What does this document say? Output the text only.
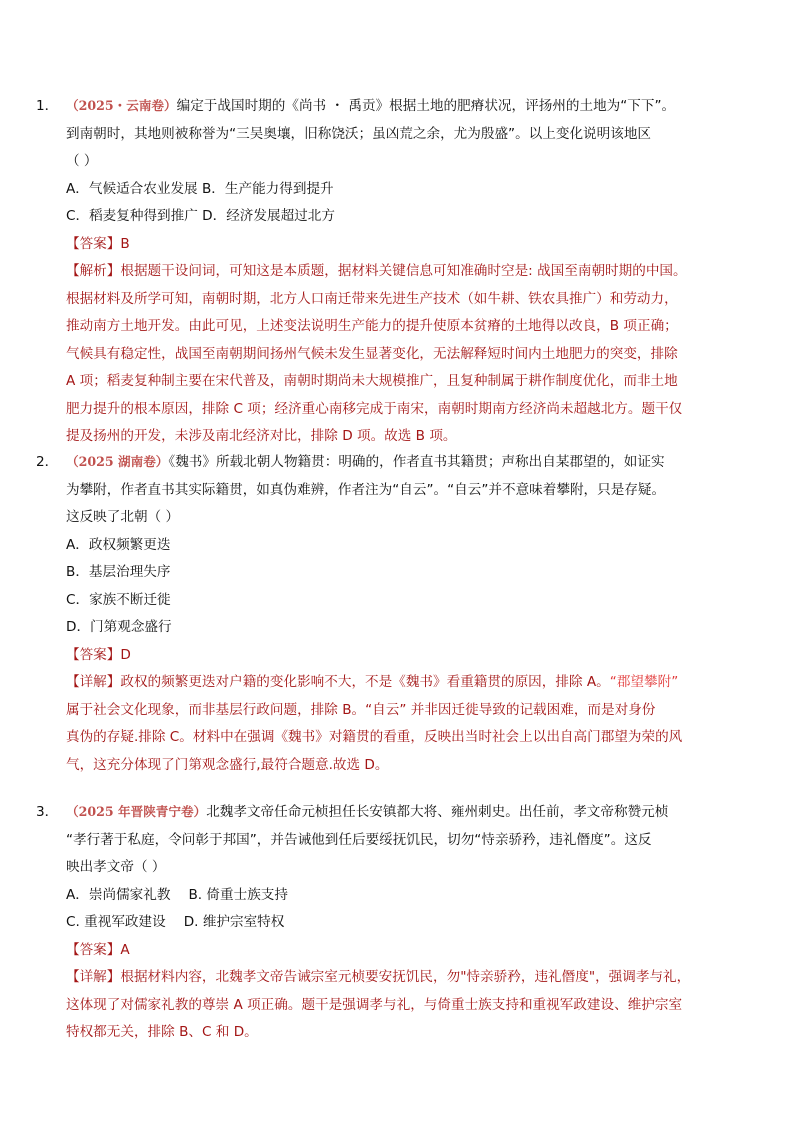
1． （2025・云南卷）编定于战国时期的《尚书 ・ 禹贡》根据土地的肥瘠状况，评扬州的土地为“下下”。
到南朝时，其地则被称誉为“三吴奥壤，旧称饶沃；虽凶荒之余，尤为殷盛”。以上变化说明该地区
（ ）
A．气候适合农业发展 B．生产能力得到提升
C．稻麦复种得到推广 D．经济发展超过北方
【答案】B
【解析】根据题干设问词，可知这是本质题，据材料关键信息可知准确时空是: 战国至南朝时期的中国。
根据材料及所学可知，南朝时期，北方人口南迁带来先进生产技术（如牛耕、铁农具推广）和劳动力，
推动南方土地开发。由此可见，上述变法说明生产能力的提升使原本贫瘠的土地得以改良，B 项正确；
气候具有稳定性，战国至南朝期间扬州气候未发生显著变化，无法解释短时间内土地肥力的突变，排除
A 项；稻麦复种制主要在宋代普及，南朝时期尚未大规模推广，且复种制属于耕作制度优化，而非土地
肥力提升的根本原因，排除 C 项；经济重心南移完成于南宋，南朝时期南方经济尚未超越北方。题干仅
提及扬州的开发，未涉及南北经济对比，排除 D 项。故选 B 项。
2． （2025 湖南卷）《魏书》所载北朝人物籍贯：明确的，作者直书其籍贯；声称出自某郡望的，如证实
为攀附，作者直书其实际籍贯，如真伪难辨，作者注为“自云”。“自云”并不意味着攀附，只是存疑。
这反映了北朝（ ）
A．政权频繁更迭
B．基层治理失序
C．家族不断迁徙
D．门第观念盛行
【答案】D
【详解】政权的频繁更迭对户籍的变化影响不大，不是《魏书》看重籍贯的原因，排除 A。“郡望攀附”
属于社会文化现象，而非基层行政问题，排除 B。“自云” 并非因迁徙导致的记载困难，而是对身份
真伪的存疑.排除 C。材料中在强调《魏书》对籍贯的看重，反映出当时社会上以出自高门郡望为荣的风
气，这充分体现了门第观念盛行,最符合题意.故选 D。
3． （2025 年晋陕青宁卷）北魏孝文帝任命元桢担任长安镇都大将、雍州刺史。出任前，孝文帝称赞元桢
“孝行著于私庭，令问彰于邦国”，并告诫他到任后要绥抚饥民，切勿“恃亲骄矜，违礼僭度”。这反
映出孝文帝（ ）
A．崇尚儒家礼教 B. 倚重士族支持
C. 重视军政建设 D. 维护宗室特权
【答案】A
【详解】根据材料内容，北魏孝文帝告诫宗室元桢要安抚饥民，勿"恃亲骄矜，违礼僭度"，强调孝与礼，
这体现了对儒家礼教的尊崇 A 项正确。题干是强调孝与礼，与倚重士族支持和重视军政建设、维护宗室
特权都无关，排除 B、C 和 D。
